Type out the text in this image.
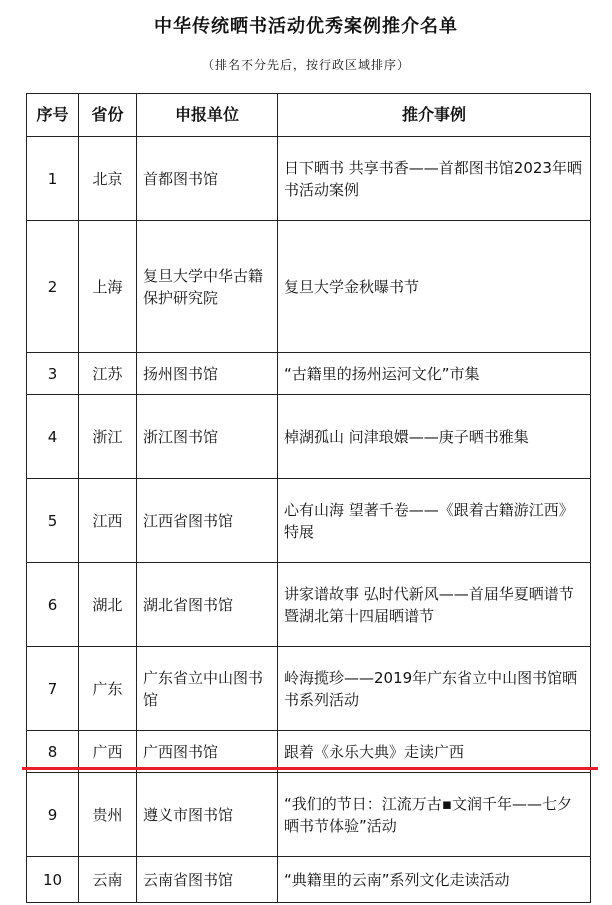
中华传统晒书活动优秀案例推介名单
（排名不分先后，按行政区域排序）
序号	省份	申报单位	推介事例
1	北京	首都图书馆	日下晒书 共享书香——首都图书馆2023年晒书活动案例
2	上海	复旦大学中华古籍保护研究院	复旦大学金秋曝书节
3	江苏	扬州图书馆	“古籍里的扬州运河文化”市集
4	浙江	浙江图书馆	棹湖孤山 问津琅嬛——庚子晒书雅集
5	江西	江西省图书馆	心有山海 望著千卷——《跟着古籍游江西》特展
6	湖北	湖北省图书馆	讲家谱故事 弘时代新风——首届华夏晒谱节暨湖北第十四届晒谱节
7	广东	广东省立中山图书馆	岭海揽珍——2019年广东省立中山图书馆晒书系列活动
8	广西	广西图书馆	跟着《永乐大典》走读广西
9	贵州	遵义市图书馆	“我们的节日：江流万古▪文润千年——七夕晒书节体验”活动
10	云南	云南省图书馆	“典籍里的云南”系列文化走读活动
